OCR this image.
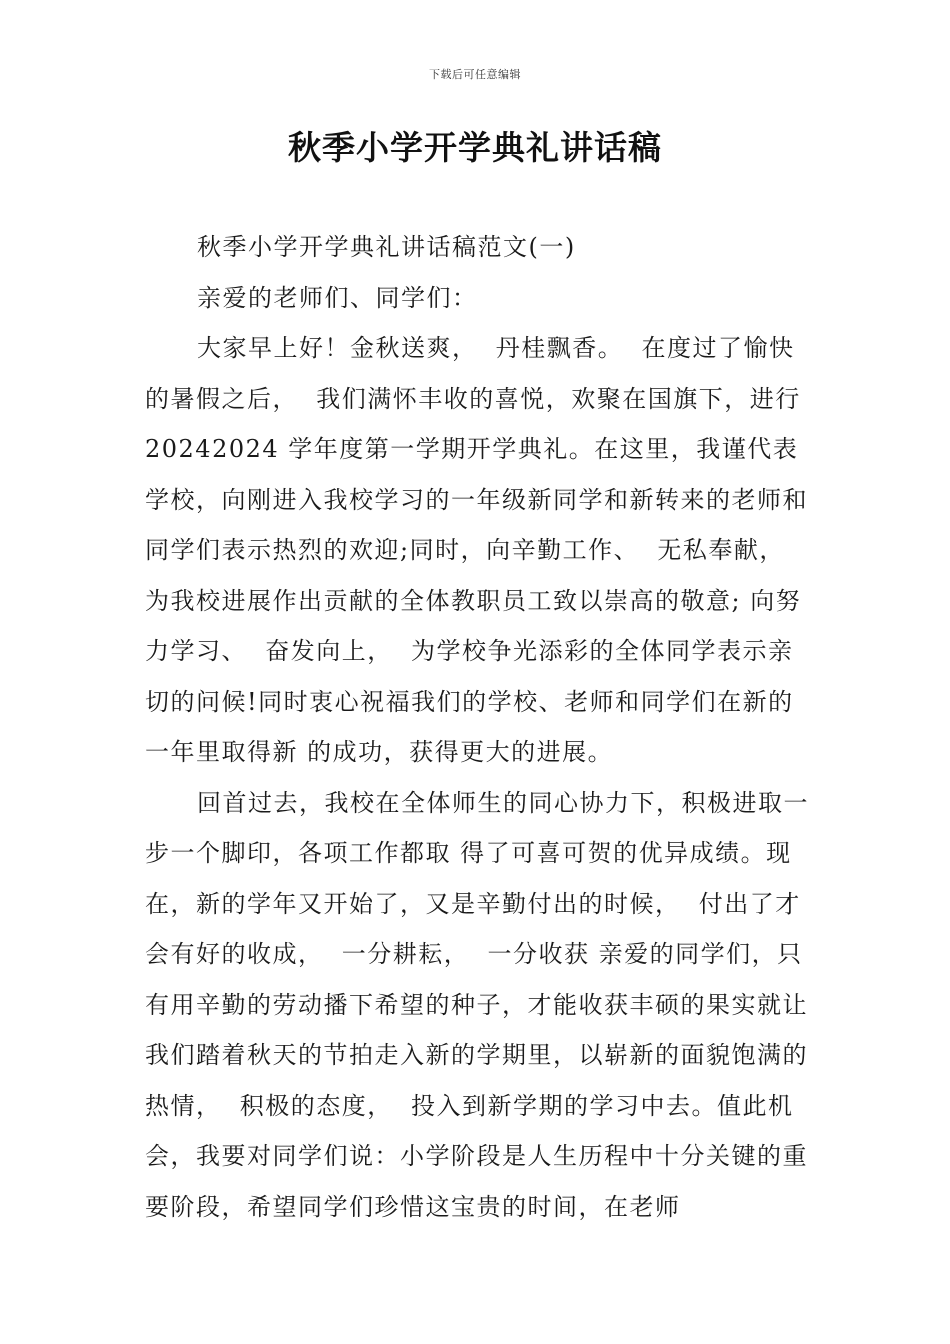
下载后可任意编辑
秋季小学开学典礼讲话稿

秋季小学开学典礼讲话稿范文(一)

亲爱的老师们、同学们：

大家早上好！金秋送爽，  丹桂飘香。  在度过了愉快的暑假之后，  我们满怀丰收的喜悦，欢聚在国旗下，进行20242024 学年度第一学期开学典礼。在这里，我谨代表学校，向刚进入我校学习的一年级新同学和新转来的老师和同学们表示热烈的欢迎;同时，向辛勤工作、  无私奉献，为我校进展作出贡献的全体教职员工致以崇高的敬意; 向努力学习、  奋发向上，  为学校争光添彩的全体同学表示亲切的问候!同时衷心祝福我们的学校、老师和同学们在新的一年里取得新 的成功，获得更大的进展。

回首过去，我校在全体师生的同心协力下，积极进取一步一个脚印，各项工作都取 得了可喜可贺的优异成绩。现在，新的学年又开始了，又是辛勤付出的时候，  付出了才会有好的收成，  一分耕耘，  一分收获 亲爱的同学们，只有用辛勤的劳动播下希望的种子，才能收获丰硕的果实就让我们踏着秋天的节拍走入新的学期里，以崭新的面貌饱满的热情，  积极的态度，  投入到新学期的学习中去。值此机会，我要对同学们说：小学阶段是人生历程中十分关键的重要阶段，希望同学们珍惜这宝贵的时间，在老师
